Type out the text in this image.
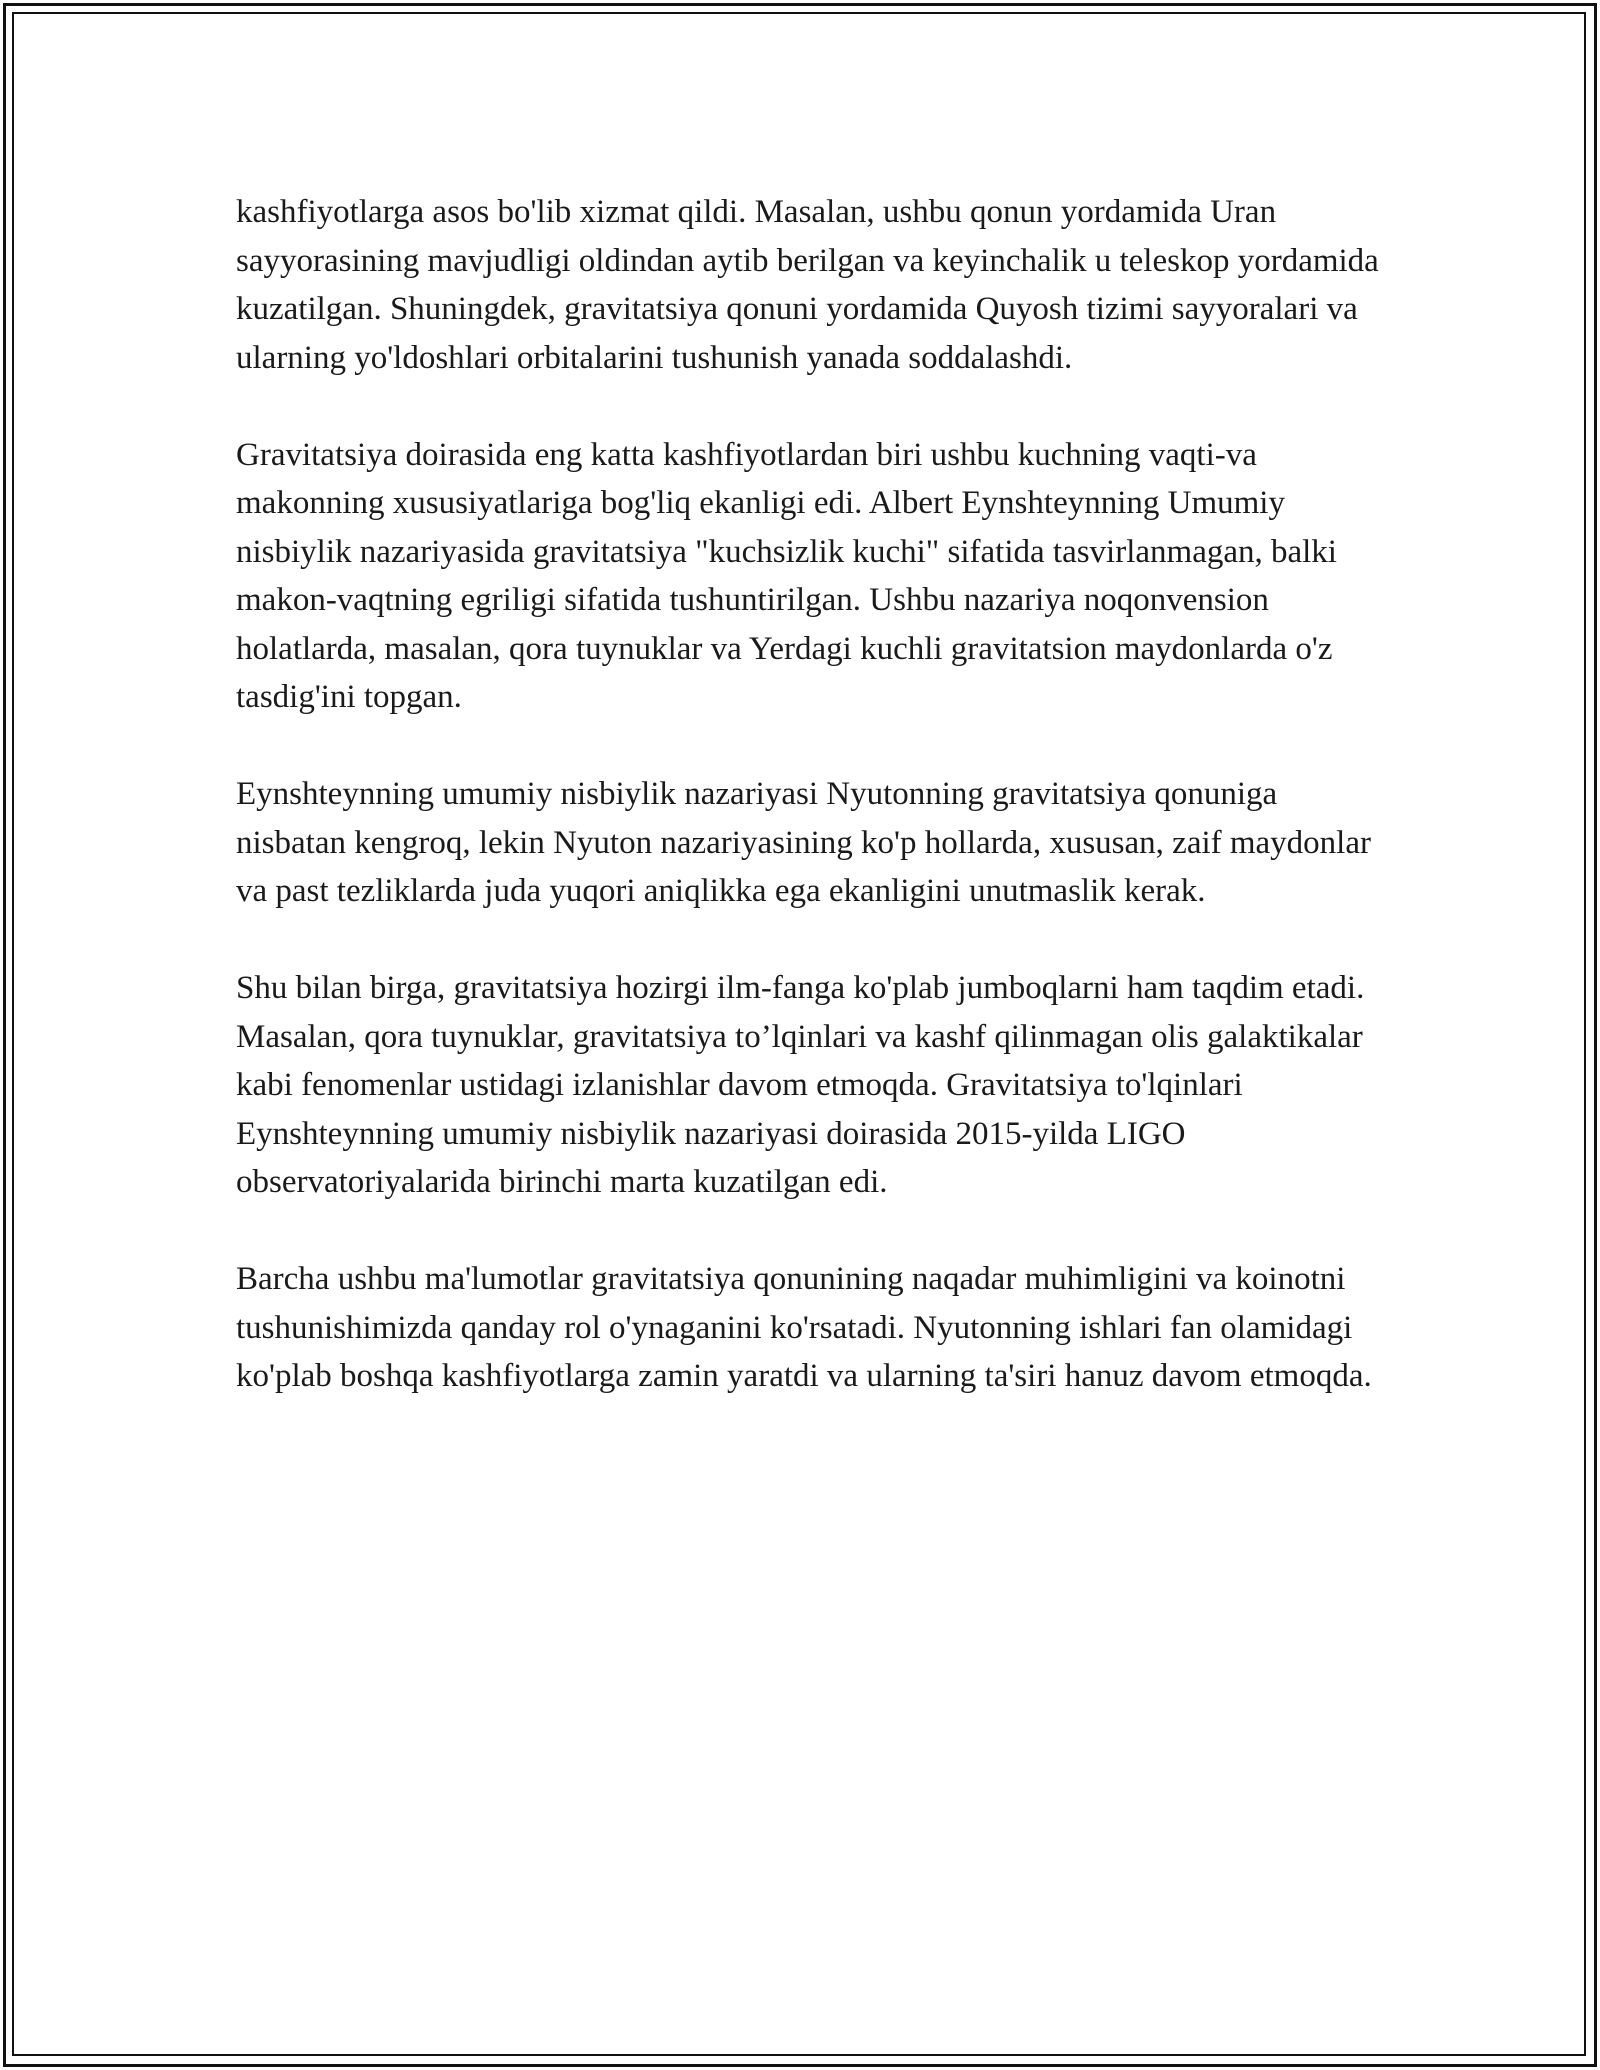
kashfiyotlarga asos bo'lib xizmat qildi. Masalan, ushbu qonun yordamida Uran sayyorasining mavjudligi oldindan aytib berilgan va keyinchalik u teleskop yordamida kuzatilgan. Shuningdek, gravitatsiya qonuni yordamida Quyosh tizimi sayyoralari va ularning yo'ldoshlari orbitalarini tushunish yanada soddalashdi.

Gravitatsiya doirasida eng katta kashfiyotlardan biri ushbu kuchning vaqti-va makonning xususiyatlariga bog'liq ekanligi edi. Albert Eynshteynning Umumiy nisbiylik nazariyasida gravitatsiya "kuchsizlik kuchi" sifatida tasvirlanmagan, balki makon-vaqtning egriligi sifatida tushuntirilgan. Ushbu nazariya noqonvension holatlarda, masalan, qora tuynuklar va Yerdagi kuchli gravitatsion maydonlarda o'z tasdig'ini topgan.

Eynshteynning umumiy nisbiylik nazariyasi Nyutonning gravitatsiya qonuniga nisbatan kengroq, lekin Nyuton nazariyasining ko'p hollarda, xususan, zaif maydonlar va past tezliklarda juda yuqori aniqlikka ega ekanligini unutmaslik kerak.

Shu bilan birga, gravitatsiya hozirgi ilm-fanga ko'plab jumboqlarni ham taqdim etadi. Masalan, qora tuynuklar, gravitatsiya to’lqinlari va kashf qilinmagan olis galaktikalar kabi fenomenlar ustidagi izlanishlar davom etmoqda. Gravitatsiya to'lqinlari Eynshteynning umumiy nisbiylik nazariyasi doirasida 2015-yilda LIGO observatoriyalarida birinchi marta kuzatilgan edi.

Barcha ushbu ma'lumotlar gravitatsiya qonunining naqadar muhimligini va koinotni tushunishimizda qanday rol o'ynaganini ko'rsatadi. Nyutonning ishlari fan olamidagi ko'plab boshqa kashfiyotlarga zamin yaratdi va ularning ta'siri hanuz davom etmoqda.
